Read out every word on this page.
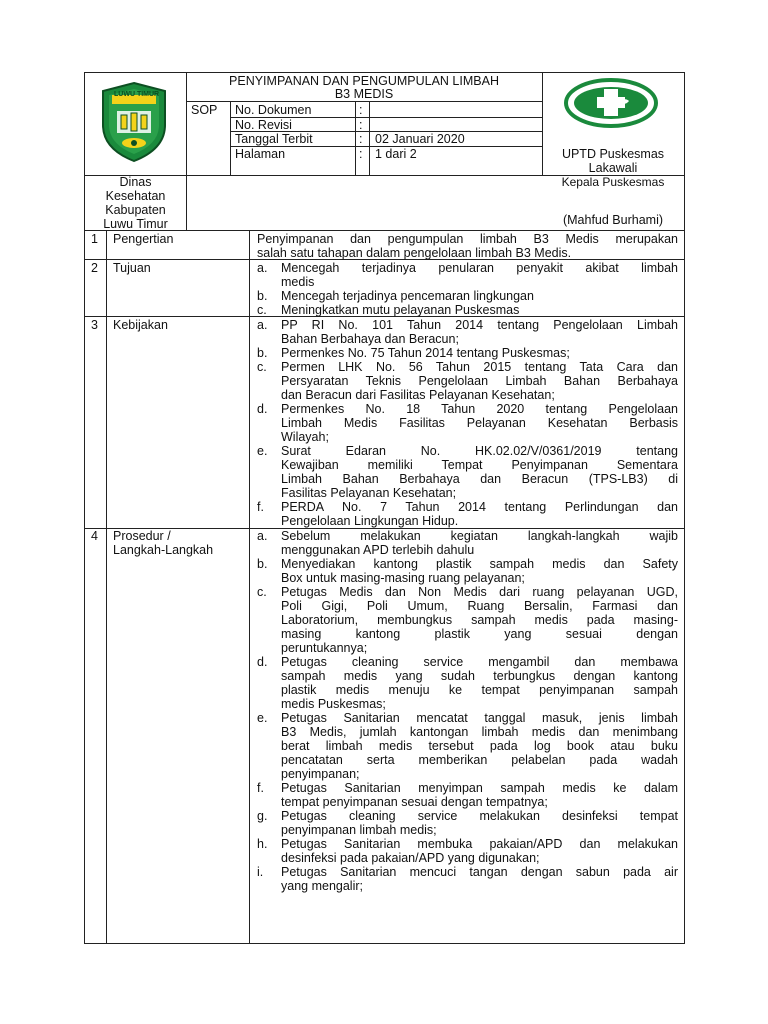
LUWU TIMUR
PENYIMPANAN DAN PENGUMPULAN LIMBAH
B3 MEDIS
SOP No. Dokumen	:
No. Revisi	:
Tanggal Terbit	: 02 Januari 2020
Halaman	: 1 dari 2	UPTD Puskesmas
Lakawali
Dinas
Kesehatan
Kabupaten
Luwu Timur
Kepala Puskesmas
(Mahfud Burhami)
1 Pengertian	Penyimpanan dan pengumpulan limbah B3 Medis merupakan
salah satu tahapan dalam pengelolaan limbah B3 Medis.
2 Tujuan	a. Mencegah terjadinya penularan penyakit akibat limbah
medis
b. Mencegah terjadinya pencemaran lingkungan
c. Meningkatkan mutu pelayanan Puskesmas
3 Kebijakan	a. PP RI No. 101 Tahun 2014 tentang Pengelolaan Limbah
Bahan Berbahaya dan Beracun;
b. Permenkes No. 75 Tahun 2014 tentang Puskesmas;
c. Permen LHK No. 56 Tahun 2015 tentang Tata Cara dan
Persyaratan Teknis Pengelolaan Limbah Bahan Berbahaya
dan Beracun dari Fasilitas Pelayanan Kesehatan;
d. Permenkes No. 18 Tahun 2020 tentang Pengelolaan
Limbah Medis Fasilitas Pelayanan Kesehatan Berbasis
Wilayah;
e. Surat Edaran No. HK.02.02/V/0361/2019 tentang
Kewajiban memiliki Tempat Penyimpanan Sementara
Limbah Bahan Berbahaya dan Beracun (TPS-LB3) di
Fasilitas Pelayanan Kesehatan;
f. PERDA No. 7 Tahun 2014 tentang Perlindungan dan
Pengelolaan Lingkungan Hidup.
4 Prosedur /
Langkah-Langkah
a. Sebelum melakukan kegiatan langkah-langkah wajib
menggunakan APD terlebih dahulu
b. Menyediakan kantong plastik sampah medis dan Safety
Box untuk masing-masing ruang pelayanan;
c. Petugas Medis dan Non Medis dari ruang pelayanan UGD,
Poli Gigi, Poli Umum, Ruang Bersalin, Farmasi dan
Laboratorium, membungkus sampah medis pada masing-
masing kantong plastik yang sesuai dengan
peruntukannya;
d. Petugas cleaning service mengambil dan membawa
sampah medis yang sudah terbungkus dengan kantong
plastik medis menuju ke tempat penyimpanan sampah
medis Puskesmas;
e. Petugas Sanitarian mencatat tanggal masuk, jenis limbah
B3 Medis, jumlah kantongan limbah medis dan menimbang
berat limbah medis tersebut pada log book atau buku
pencatatan serta memberikan pelabelan pada wadah
penyimpanan;
f. Petugas Sanitarian menyimpan sampah medis ke dalam
tempat penyimpanan sesuai dengan tempatnya;
g. Petugas cleaning service melakukan desinfeksi tempat
penyimpanan limbah medis;
h. Petugas Sanitarian membuka pakaian/APD dan melakukan
desinfeksi pada pakaian/APD yang digunakan;
i. Petugas Sanitarian mencuci tangan dengan sabun pada air
yang mengalir;
